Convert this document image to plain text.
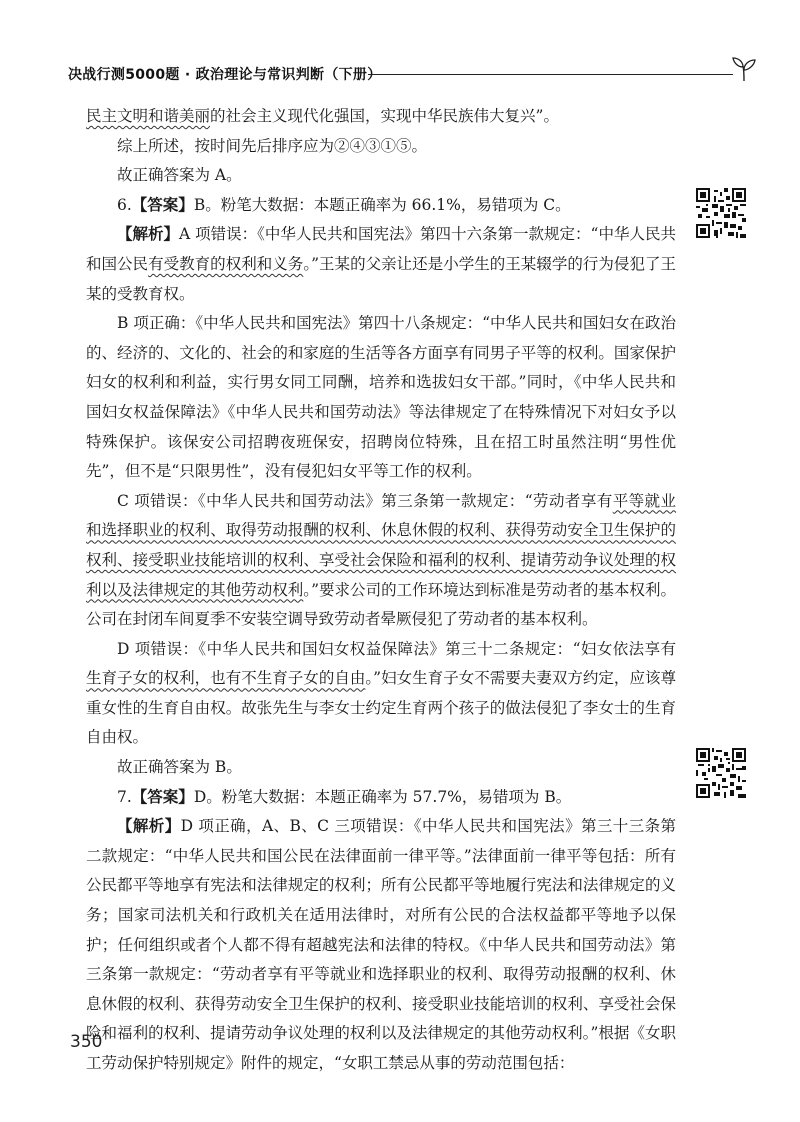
决战行测5000题 · 政治理论与常识判断（下册）

民主文明和谐美丽的社会主义现代化强国，实现中华民族伟大复兴”。

综上所述，按时间先后排序应为②④③①⑤。

故正确答案为 A。

6.【答案】B。粉笔大数据：本题正确率为 66.1%，易错项为 C。

【解析】A 项错误：《中华人民共和国宪法》第四十六条第一款规定：“中华人民共和国公民有受教育的权利和义务。”王某的父亲让还是小学生的王某辍学的行为侵犯了王某的受教育权。

B 项正确：《中华人民共和国宪法》第四十八条规定：“中华人民共和国妇女在政治的、经济的、文化的、社会的和家庭的生活等各方面享有同男子平等的权利。国家保护妇女的权利和利益，实行男女同工同酬，培养和选拔妇女干部。”同时，《中华人民共和国妇女权益保障法》《中华人民共和国劳动法》等法律规定了在特殊情况下对妇女予以特殊保护。该保安公司招聘夜班保安，招聘岗位特殊，且在招工时虽然注明“男性优先”，但不是“只限男性”，没有侵犯妇女平等工作的权利。

C 项错误：《中华人民共和国劳动法》第三条第一款规定：“劳动者享有平等就业和选择职业的权利、取得劳动报酬的权利、休息休假的权利、获得劳动安全卫生保护的权利、接受职业技能培训的权利、享受社会保险和福利的权利、提请劳动争议处理的权利以及法律规定的其他劳动权利。”要求公司的工作环境达到标准是劳动者的基本权利。公司在封闭车间夏季不安装空调导致劳动者晕厥侵犯了劳动者的基本权利。

D 项错误：《中华人民共和国妇女权益保障法》第三十二条规定：“妇女依法享有生育子女的权利，也有不生育子女的自由。”妇女生育子女不需要夫妻双方约定，应该尊重女性的生育自由权。故张先生与李女士约定生育两个孩子的做法侵犯了李女士的生育自由权。

故正确答案为 B。

7.【答案】D。粉笔大数据：本题正确率为 57.7%，易错项为 B。

【解析】D 项正确，A、B、C 三项错误：《中华人民共和国宪法》第三十三条第二款规定：“中华人民共和国公民在法律面前一律平等。”法律面前一律平等包括：所有公民都平等地享有宪法和法律规定的权利；所有公民都平等地履行宪法和法律规定的义务；国家司法机关和行政机关在适用法律时，对所有公民的合法权益都平等地予以保护；任何组织或者个人都不得有超越宪法和法律的特权。《中华人民共和国劳动法》第三条第一款规定：“劳动者享有平等就业和选择职业的权利、取得劳动报酬的权利、休息休假的权利、获得劳动安全卫生保护的权利、接受职业技能培训的权利、享受社会保险和福利的权利、提请劳动争议处理的权利以及法律规定的其他劳动权利。”根据《女职工劳动保护特别规定》附件的规定，“女职工禁忌从事的劳动范围包括：

350
